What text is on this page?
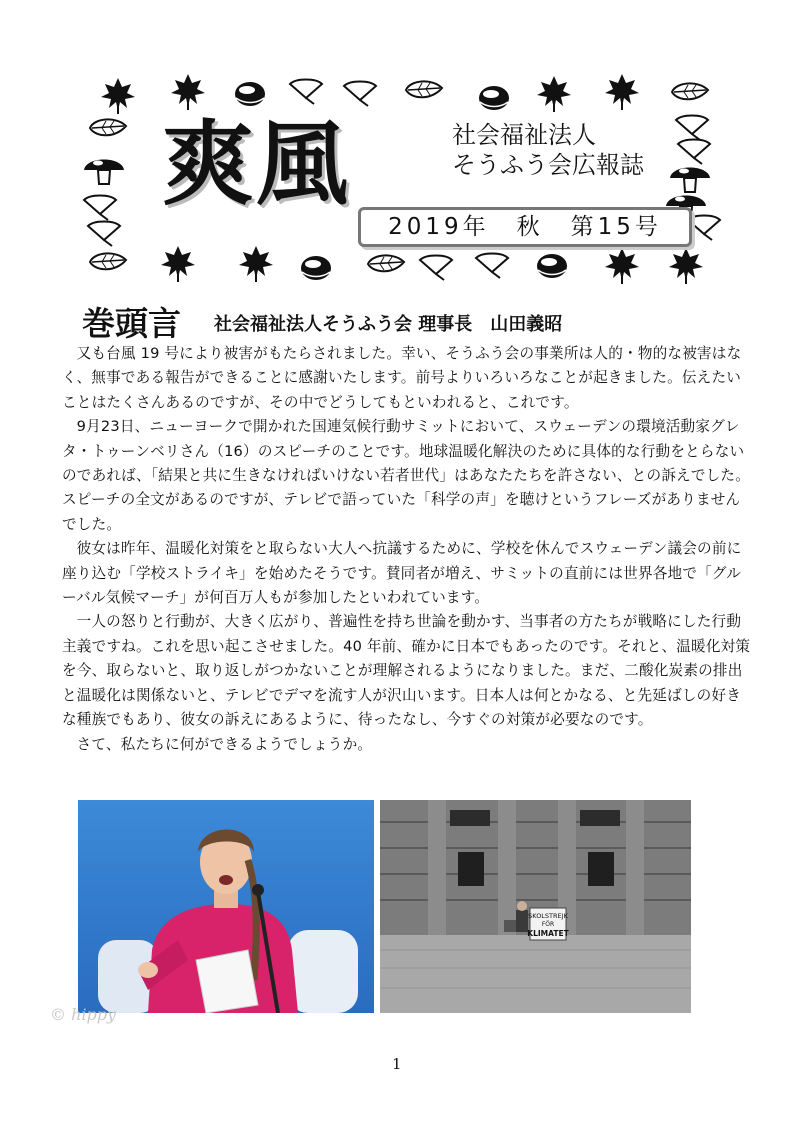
爽風	社会福祉法人
そうふう会広報誌
2019年　秋　第15号
巻頭言 社会福祉法人そうふう会 理事長　山田義昭

又も台風 19 号により被害がもたらされました。幸い、そうふう会の事業所は人的・物的な被害はなく、無事である報告ができることに感謝いたします。前号よりいろいろなことが起きました。伝えたいことはたくさんあるのですが、その中でどうしてもといわれると、これです。

9月23日、ニューヨークで開かれた国連気候行動サミットにおいて、スウェーデンの環境活動家グレタ・トゥーンベリさん（16）のスピーチのことです。地球温暖化解決のために具体的な行動をとらないのであれば、「結果と共に生きなければいけない若者世代」はあなたたちを許さない、との訴えでした。スピーチの全文があるのですが、テレビで語っていた「科学の声」を聴けというフレーズがありませんでした。

彼女は昨年、温暖化対策をと取らない大人へ抗議するために、学校を休んでスウェーデン議会の前に座り込む「学校ストライキ」を始めたそうです。賛同者が増え、サミットの直前には世界各地で「グルーバル気候マーチ」が何百万人もが参加したといわれています。

一人の怒りと行動が、大きく広がり、普遍性を持ち世論を動かす、当事者の方たちが戦略にした行動主義ですね。これを思い起こさせました。40 年前、確かに日本でもあったのです。それと、温暖化対策を今、取らないと、取り返しがつかないことが理解されるようになりました。まだ、二酸化炭素の排出と温暖化は関係ないと、テレビでデマを流す人が沢山います。日本人は何とかなる、と先延ばしの好きな種族でもあり、彼女の訴えにあるように、待ったなし、今すぐの対策が必要なのです。

さて、私たちに何ができるようでしょうか。

SKOLSTREJK
FÖR
KLIMATET
© hippy
1
